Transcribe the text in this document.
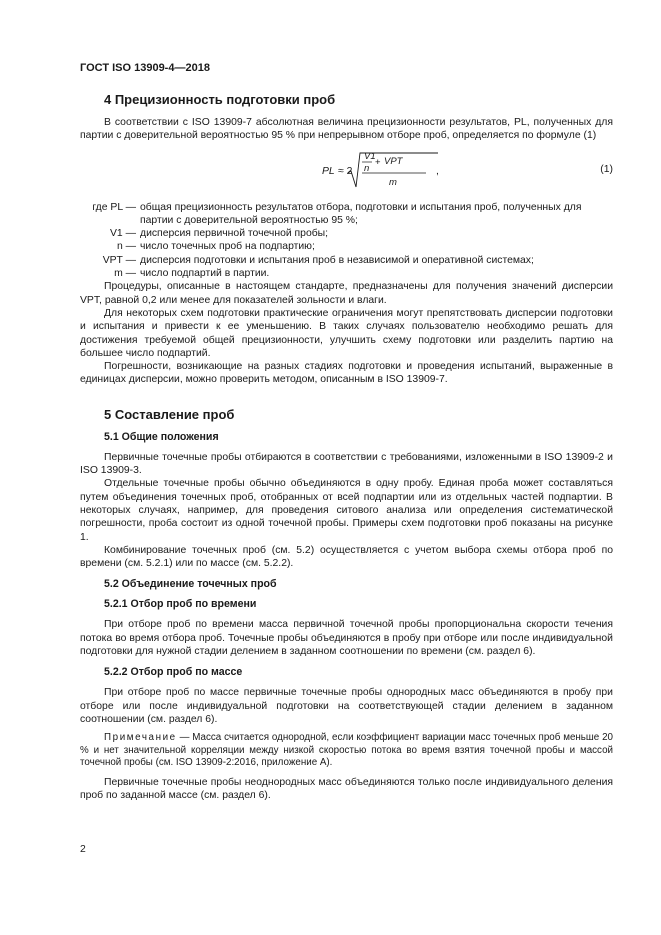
ГОСТ ISO 13909-4—2018
4 Прецизионность подготовки проб

В соответствии с ISO 13909-7 абсолютная величина прецизионности результатов, PL, полученных для партии с доверительной вероятностью 95 % при непрерывном отборе проб, определяется по формуле (1)

PL ≈ 2
V1
n
+ VPT
m
,	(1)
где PL — общая прецизионность результатов отбора, подготовки и испытания проб, полученных для партии с доверительной вероятностью 95 %;
V1 — дисперсия первичной точечной пробы;
n — число точечных проб на подпартию;
VPT — дисперсия подготовки и испытания проб в независимой и оперативной системах;
m — число подпартий в партии.

Процедуры, описанные в настоящем стандарте, предназначены для получения значений дисперсии VPT, равной 0,2 или менее для показателей зольности и влаги.

Для некоторых схем подготовки практические ограничения могут препятствовать дисперсии подготовки и испытания и привести к ее уменьшению. В таких случаях пользователю необходимо решать для достижения требуемой общей прецизионности, улучшить схему подготовки или разделить партию на большее число подпартий.

Погрешности, возникающие на разных стадиях подготовки и проведения испытаний, выраженные в единицах дисперсии, можно проверить методом, описанным в ISO 13909-7.

5 Составление проб
5.1 Общие положения

Первичные точечные пробы отбираются в соответствии с требованиями, изложенными в ISO 13909-2 и ISO 13909-3.

Отдельные точечные пробы обычно объединяются в одну пробу. Единая проба может составляться путем объединения точечных проб, отобранных от всей подпартии или из отдельных частей подпартии. В некоторых случаях, например, для проведения ситового анализа или определения систематической погрешности, проба состоит из одной точечной пробы. Примеры схем подготовки проб показаны на рисунке 1.

Комбинирование точечных проб (см. 5.2) осуществляется с учетом выбора схемы отбора проб по времени (см. 5.2.1) или по массе (см. 5.2.2).

5.2 Объединение точечных проб
5.2.1 Отбор проб по времени

При отборе проб по времени масса первичной точечной пробы пропорциональна скорости течения потока во время отбора проб. Точечные пробы объединяются в пробу при отборе или после индивидуальной подготовки для нужной стадии делением в заданном соотношении по времени (см. раздел 6).

5.2.2 Отбор проб по массе

При отборе проб по массе первичные точечные пробы однородных масс объединяются в пробу при отборе или после индивидуальной подготовки на соответствующей стадии делением в заданном соотношении (см. раздел 6).

Примечание — Масса считается однородной, если коэффициент вариации масс точечных проб меньше 20 % и нет значительной корреляции между низкой скоростью потока во время взятия точечной пробы и массой точечной пробы (см. ISO 13909-2:2016, приложение А).

Первичные точечные пробы неоднородных масс объединяются только после индивидуального деления проб по заданной массе (см. раздел 6).

2
